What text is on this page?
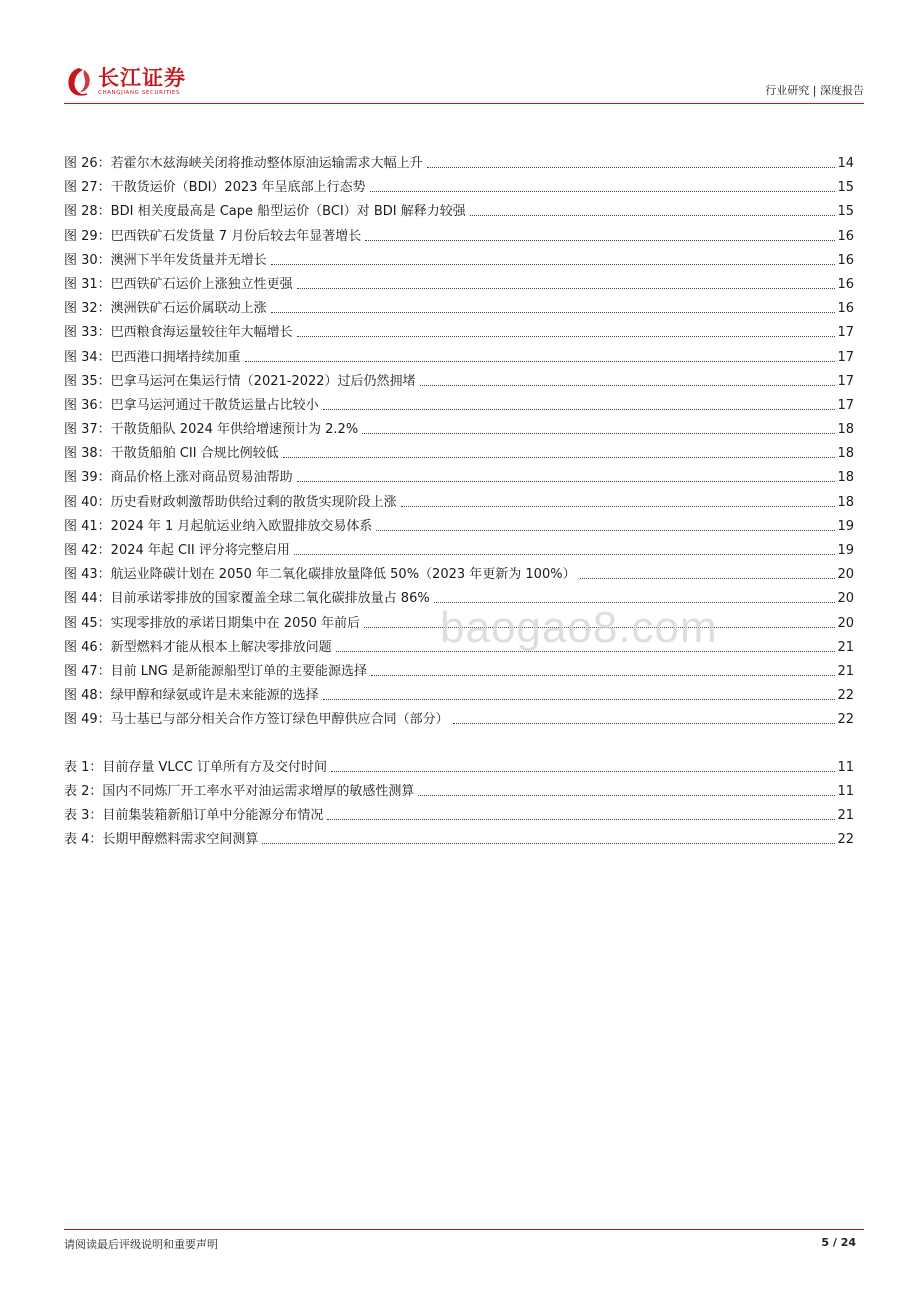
长江证券
CHANGJIANG SECURITIES	行业研究 | 深度报告
图 26：若霍尔木兹海峡关闭将推动整体原油运输需求大幅上升	14
图 27：干散货运价（BDI）2023 年呈底部上行态势	15
图 28：BDI 相关度最高是 Cape 船型运价（BCI）对 BDI 解释力较强	15
图 29：巴西铁矿石发货量 7 月份后较去年显著增长	16
图 30：澳洲下半年发货量并无增长	16
图 31：巴西铁矿石运价上涨独立性更强	16
图 32：澳洲铁矿石运价属联动上涨	16
图 33：巴西粮食海运量较往年大幅增长	17
图 34：巴西港口拥堵持续加重	17
图 35：巴拿马运河在集运行情（2021-2022）过后仍然拥堵	17
图 36：巴拿马运河通过干散货运量占比较小	17
图 37：干散货船队 2024 年供给增速预计为 2.2%	18
图 38：干散货船舶 CII 合规比例较低	18
图 39：商品价格上涨对商品贸易油帮助	18
图 40：历史看财政刺激帮助供给过剩的散货实现阶段上涨	18
图 41：2024 年 1 月起航运业纳入欧盟排放交易体系	19
图 42：2024 年起 CII 评分将完整启用	19
图 43：航运业降碳计划在 2050 年二氧化碳排放量降低 50%（2023 年更新为 100%）	20
图 44：目前承诺零排放的国家覆盖全球二氧化碳排放量占 86%	20
图 45：实现零排放的承诺日期集中在 2050 年前后	20
图 46：新型燃料才能从根本上解决零排放问题	21
图 47：目前 LNG 是新能源船型订单的主要能源选择	21
图 48：绿甲醇和绿氨或许是未来能源的选择	22
图 49：马士基已与部分相关合作方签订绿色甲醇供应合同（部分）	22
表 1：目前存量 VLCC 订单所有方及交付时间	11
表 2：国内不同炼厂开工率水平对油运需求增厚的敏感性测算	11
表 3：目前集装箱新船订单中分能源分布情况	21
表 4：长期甲醇燃料需求空间测算	22
baogao8.com
请阅读最后评级说明和重要声明	5 / 24
